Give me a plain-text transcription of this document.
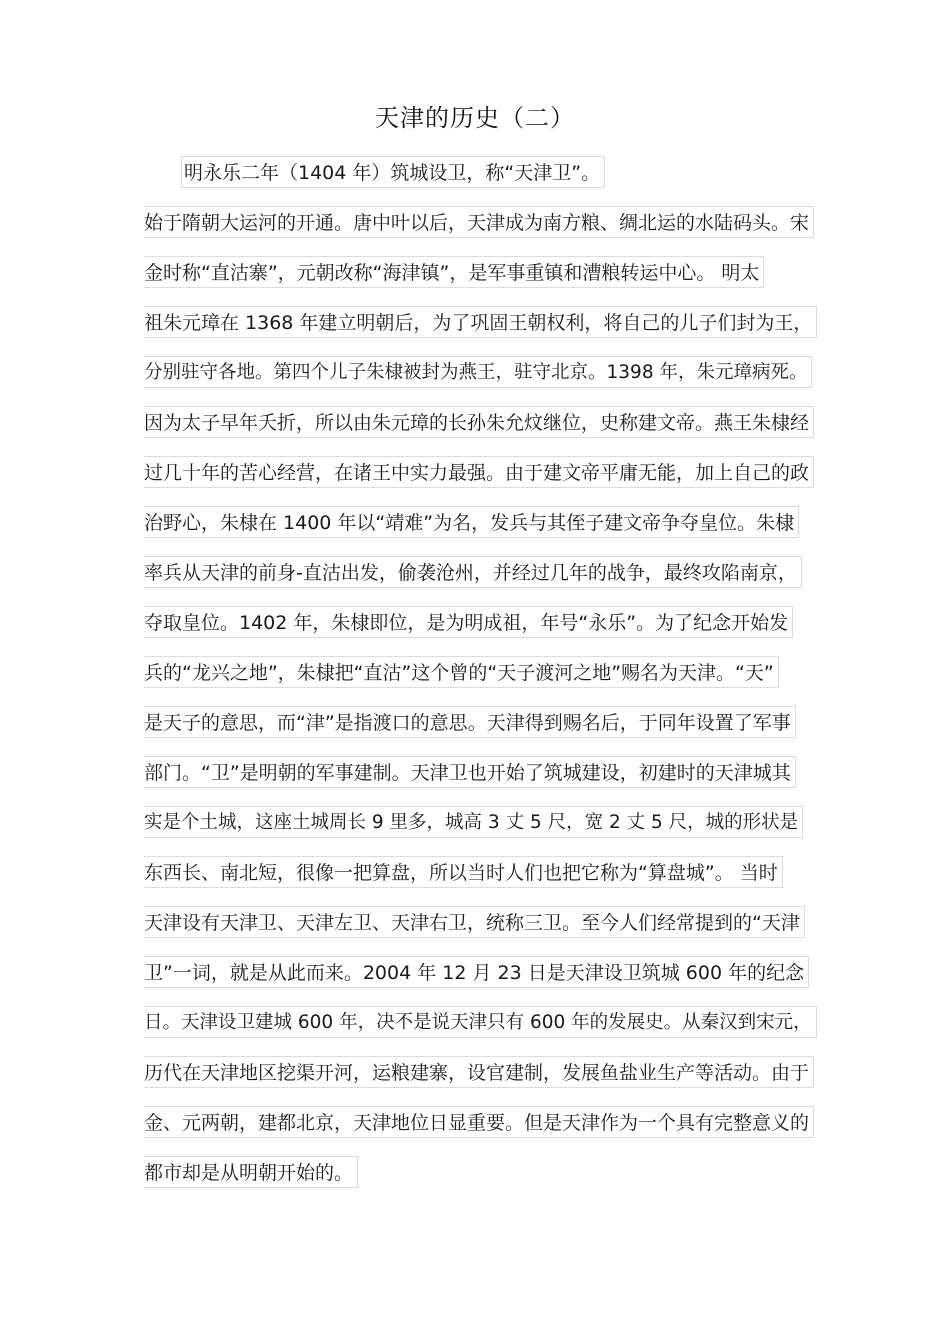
天津的历史（二）
明永乐二年（1404 年）筑城设卫，称“天津卫”。
始于隋朝大运河的开通。唐中叶以后，天津成为南方粮、绸北运的水陆码头。宋
金时称“直沽寨”，元朝改称“海津镇”，是军事重镇和漕粮转运中心。 明太
祖朱元璋在 1368 年建立明朝后，为了巩固王朝权利，将自己的儿子们封为王，
分别驻守各地。第四个儿子朱棣被封为燕王，驻守北京。1398 年，朱元璋病死。
因为太子早年夭折，所以由朱元璋的长孙朱允炆继位，史称建文帝。燕王朱棣经
过几十年的苦心经营，在诸王中实力最强。由于建文帝平庸无能，加上自己的政
治野心，朱棣在 1400 年以“靖难”为名，发兵与其侄子建文帝争夺皇位。朱棣
率兵从天津的前身-直沽出发，偷袭沧州，并经过几年的战争，最终攻陷南京，
夺取皇位。1402 年，朱棣即位，是为明成祖，年号“永乐”。为了纪念开始发
兵的“龙兴之地”，朱棣把“直沽”这个曾的“天子渡河之地”赐名为天津。“天”
是天子的意思，而“津”是指渡口的意思。天津得到赐名后，于同年设置了军事
部门。“卫”是明朝的军事建制。天津卫也开始了筑城建设，初建时的天津城其
实是个土城，这座土城周长 9 里多，城高 3 丈 5 尺，宽 2 丈 5 尺，城的形状是
东西长、南北短，很像一把算盘，所以当时人们也把它称为“算盘城”。 当时
天津设有天津卫、天津左卫、天津右卫，统称三卫。至今人们经常提到的“天津
卫”一词，就是从此而来。2004 年 12 月 23 日是天津设卫筑城 600 年的纪念
日。天津设卫建城 600 年，决不是说天津只有 600 年的发展史。从秦汉到宋元，
历代在天津地区挖渠开河，运粮建寨，设官建制，发展鱼盐业生产等活动。由于
金、元两朝，建都北京，天津地位日显重要。但是天津作为一个具有完整意义的
都市却是从明朝开始的。
